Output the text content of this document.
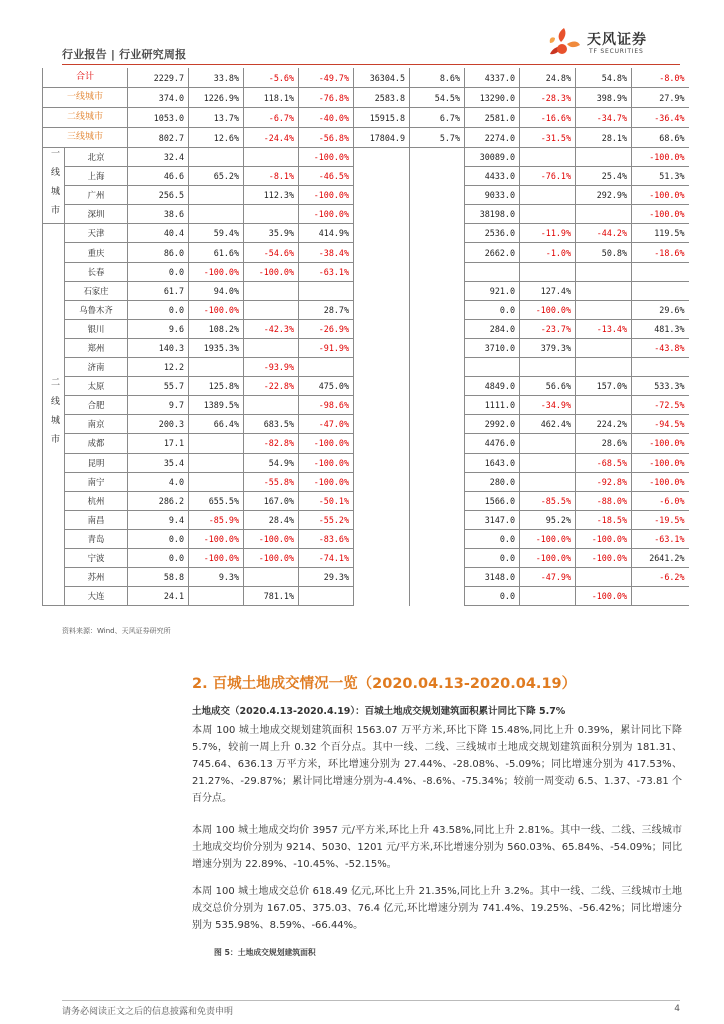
行业报告 | 行业研究周报
天风证券
TF SECURITIES
合计		2229.7	33.8%	-5.6%	-49.7%	36304.5	8.6%	4337.0	24.8%	54.8%	-8.0%
一线城市		374.0	1226.9%	118.1%	-76.8%	2583.8	54.5%	13290.0	-28.3%	398.9%	27.9%
二线城市		1053.0	13.7%	-6.7%	-40.0%	15915.8	6.7%	2581.0	-16.6%	-34.7%	-36.4%
三线城市		802.7	12.6%	-24.4%	-56.8%	17804.9	5.7%	2274.0	-31.5%	28.1%	68.6%
一线城市	北京	32.4			-100.0%			30089.0			-100.0%
	上海	46.6	65.2%	-8.1%	-46.5%			4433.0	-76.1%	25.4%	51.3%
	广州	256.5		112.3%	-100.0%			9033.0		292.9%	-100.0%
	深圳	38.6			-100.0%			38198.0			-100.0%
二线城市	天津	40.4	59.4%	35.9%	414.9%			2536.0	-11.9%	-44.2%	119.5%
	重庆	86.0	61.6%	-54.6%	-38.4%			2662.0	-1.0%	50.8%	-18.6%
	长春	0.0	-100.0%	-100.0%	-63.1%						
	石家庄	61.7	94.0%					921.0	127.4%		
	乌鲁木齐	0.0	-100.0%		28.7%			0.0	-100.0%		29.6%
	银川	9.6	108.2%	-42.3%	-26.9%			284.0	-23.7%	-13.4%	481.3%
	郑州	140.3	1935.3%		-91.9%			3710.0	379.3%		-43.8%
	济南	12.2		-93.9%							
	太原	55.7	125.8%	-22.8%	475.0%			4849.0	56.6%	157.0%	533.3%
	合肥	9.7	1389.5%		-98.6%			1111.0	-34.9%		-72.5%
	南京	200.3	66.4%	683.5%	-47.0%			2992.0	462.4%	224.2%	-94.5%
	成都	17.1		-82.8%	-100.0%			4476.0		28.6%	-100.0%
	昆明	35.4		54.9%	-100.0%			1643.0		-68.5%	-100.0%
	南宁	4.0		-55.8%	-100.0%			280.0		-92.8%	-100.0%
	杭州	286.2	655.5%	167.0%	-50.1%			1566.0	-85.5%	-88.0%	-6.0%
	南昌	9.4	-85.9%	28.4%	-55.2%			3147.0	95.2%	-18.5%	-19.5%
	青岛	0.0	-100.0%	-100.0%	-83.6%			0.0	-100.0%	-100.0%	-63.1%
	宁波	0.0	-100.0%	-100.0%	-74.1%			0.0	-100.0%	-100.0%	2641.2%
	苏州	58.8	9.3%		29.3%			3148.0	-47.9%		-6.2%
	大连	24.1		781.1%				0.0		-100.0%	
资料来源：Wind、天风证券研究所
2. 百城土地成交情况一览（2020.04.13-2020.04.19）
土地成交（2020.4.13-2020.4.19）：百城土地成交规划建筑面积累计同比下降 5.7%

本周 100 城土地成交规划建筑面积 1563.07 万平方米,环比下降 15.48%,同比上升 0.39%，累计同比下降 5.7%，较前一周上升 0.32 个百分点。其中一线、二线、三线城市土地成交规划建筑面积分别为 181.31、745.64、636.13 万平方米，环比增速分别为 27.44%、-28.08%、-5.09%；同比增速分别为 417.53%、21.27%、-29.87%；累计同比增速分别为-4.4%、-8.6%、-75.34%；较前一周变动 6.5、1.37、-73.81 个百分点。

本周 100 城土地成交均价 3957 元/平方米,环比上升 43.58%,同比上升 2.81%。其中一线、二线、三线城市土地成交均价分别为 9214、5030、1201 元/平方米,环比增速分别为 560.03%、65.84%、-54.09%；同比增速分别为 22.89%、-10.45%、-52.15%。

本周 100 城土地成交总价 618.49 亿元,环比上升 21.35%,同比上升 3.2%。其中一线、二线、三线城市土地成交总价分别为 167.05、375.03、76.4 亿元,环比增速分别为 741.4%、19.25%、-56.42%；同比增速分别为 535.98%、8.59%、-66.44%。

图 5：土地成交规划建筑面积
请务必阅读正文之后的信息披露和免责申明	4
